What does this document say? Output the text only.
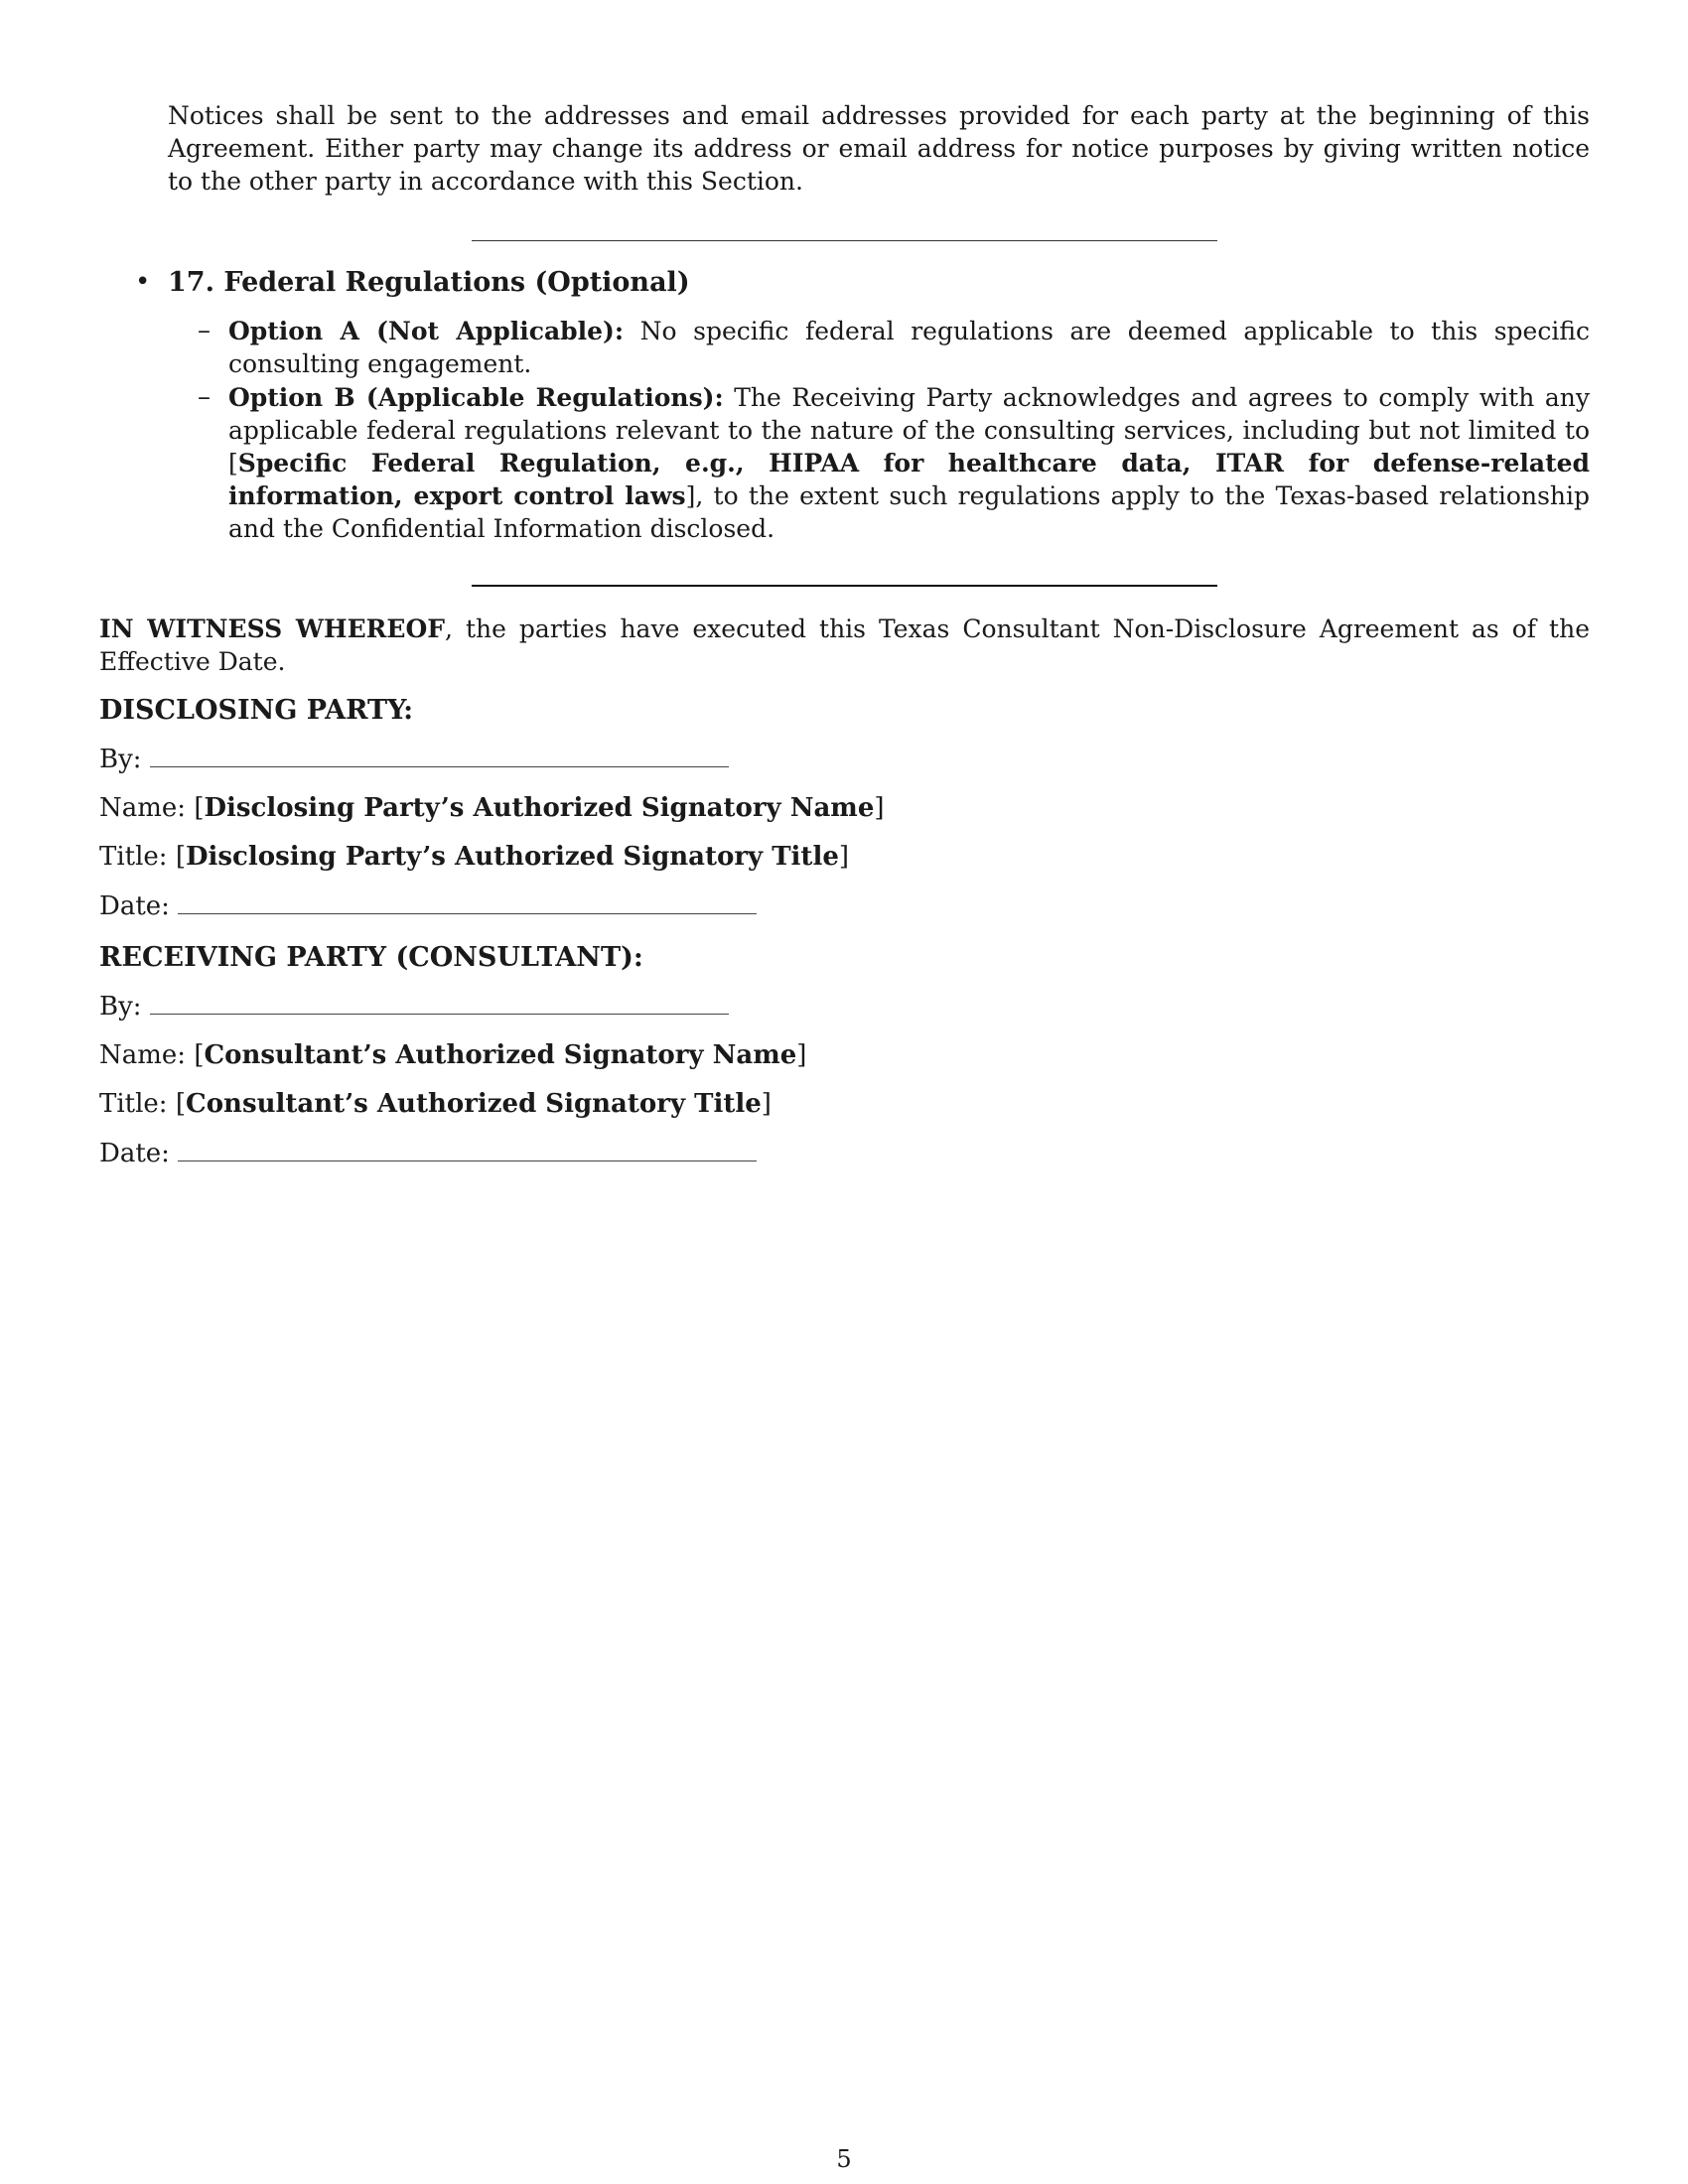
Notices shall be sent to the addresses and email addresses provided for each party at the beginning of this Agreement. Either party may change its address or email address for notice purposes by giving written notice to the other party in accordance with this Section.

• 17. Federal Regulations (Optional)

– Option A (Not Applicable): No specific federal regulations are deemed applicable to this specific consulting engagement.

– Option B (Applicable Regulations): The Receiving Party acknowledges and agrees to comply with any applicable federal regulations relevant to the nature of the consulting services, including but not limited to [Specific Federal Regulation, e.g., HIPAA for healthcare data, ITAR for defense-related information, export control laws], to the extent such regulations apply to the Texas-based relationship and the Confidential Information disclosed.

IN WITNESS WHEREOF, the parties have executed this Texas Consultant Non-Disclosure Agreement as of the Effective Date.

DISCLOSING PARTY:

By:

Name: [Disclosing Party’s Authorized Signatory Name]

Title: [Disclosing Party’s Authorized Signatory Title]

Date:

RECEIVING PARTY (CONSULTANT):

By:

Name: [Consultant’s Authorized Signatory Name]

Title: [Consultant’s Authorized Signatory Title]

Date:

5
